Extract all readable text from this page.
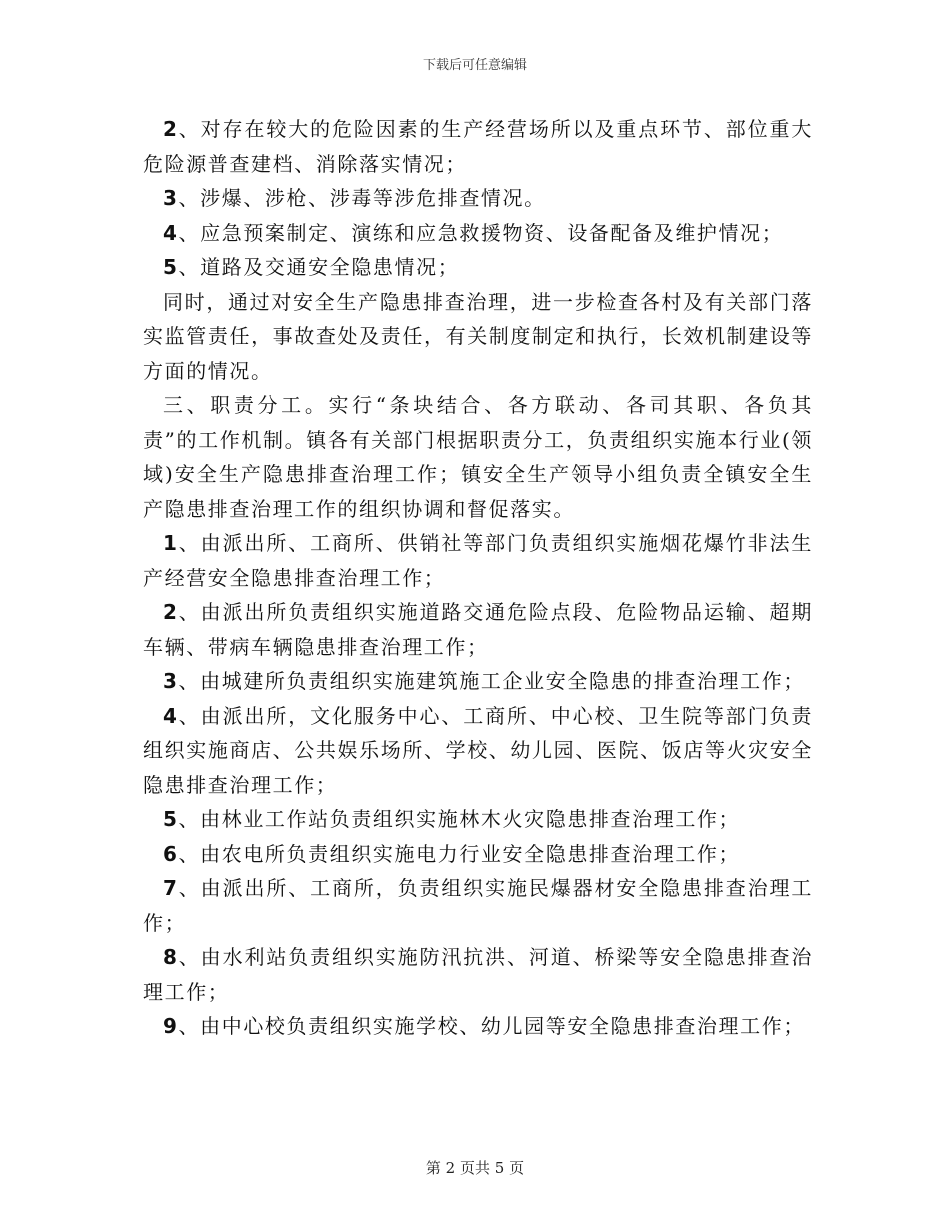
下载后可任意编辑

2、对存在较大的危险因素的生产经营场所以及重点环节、部位重大危险源普查建档、消除落实情况；

3、涉爆、涉枪、涉毒等涉危排查情况。

4、应急预案制定、演练和应急救援物资、设备配备及维护情况；

5、道路及交通安全隐患情况；

同时，通过对安全生产隐患排查治理，进一步检查各村及有关部门落实监管责任，事故查处及责任，有关制度制定和执行，长效机制建设等方面的情况。

三、职责分工。实行“条块结合、各方联动、各司其职、各负其责”的工作机制。镇各有关部门根据职责分工，负责组织实施本行业(领域)安全生产隐患排查治理工作；镇安全生产领导小组负责全镇安全生产隐患排查治理工作的组织协调和督促落实。

1、由派出所、工商所、供销社等部门负责组织实施烟花爆竹非法生产经营安全隐患排查治理工作；

2、由派出所负责组织实施道路交通危险点段、危险物品运输、超期车辆、带病车辆隐患排查治理工作；

3、由城建所负责组织实施建筑施工企业安全隐患的排查治理工作；

4、由派出所，文化服务中心、工商所、中心校、卫生院等部门负责组织实施商店、公共娱乐场所、学校、幼儿园、医院、饭店等火灾安全隐患排查治理工作；

5、由林业工作站负责组织实施林木火灾隐患排查治理工作；

6、由农电所负责组织实施电力行业安全隐患排查治理工作；

7、由派出所、工商所，负责组织实施民爆器材安全隐患排查治理工作；

8、由水利站负责组织实施防汛抗洪、河道、桥梁等安全隐患排查治理工作；

9、由中心校负责组织实施学校、幼儿园等安全隐患排查治理工作；

第 2 页共 5 页
